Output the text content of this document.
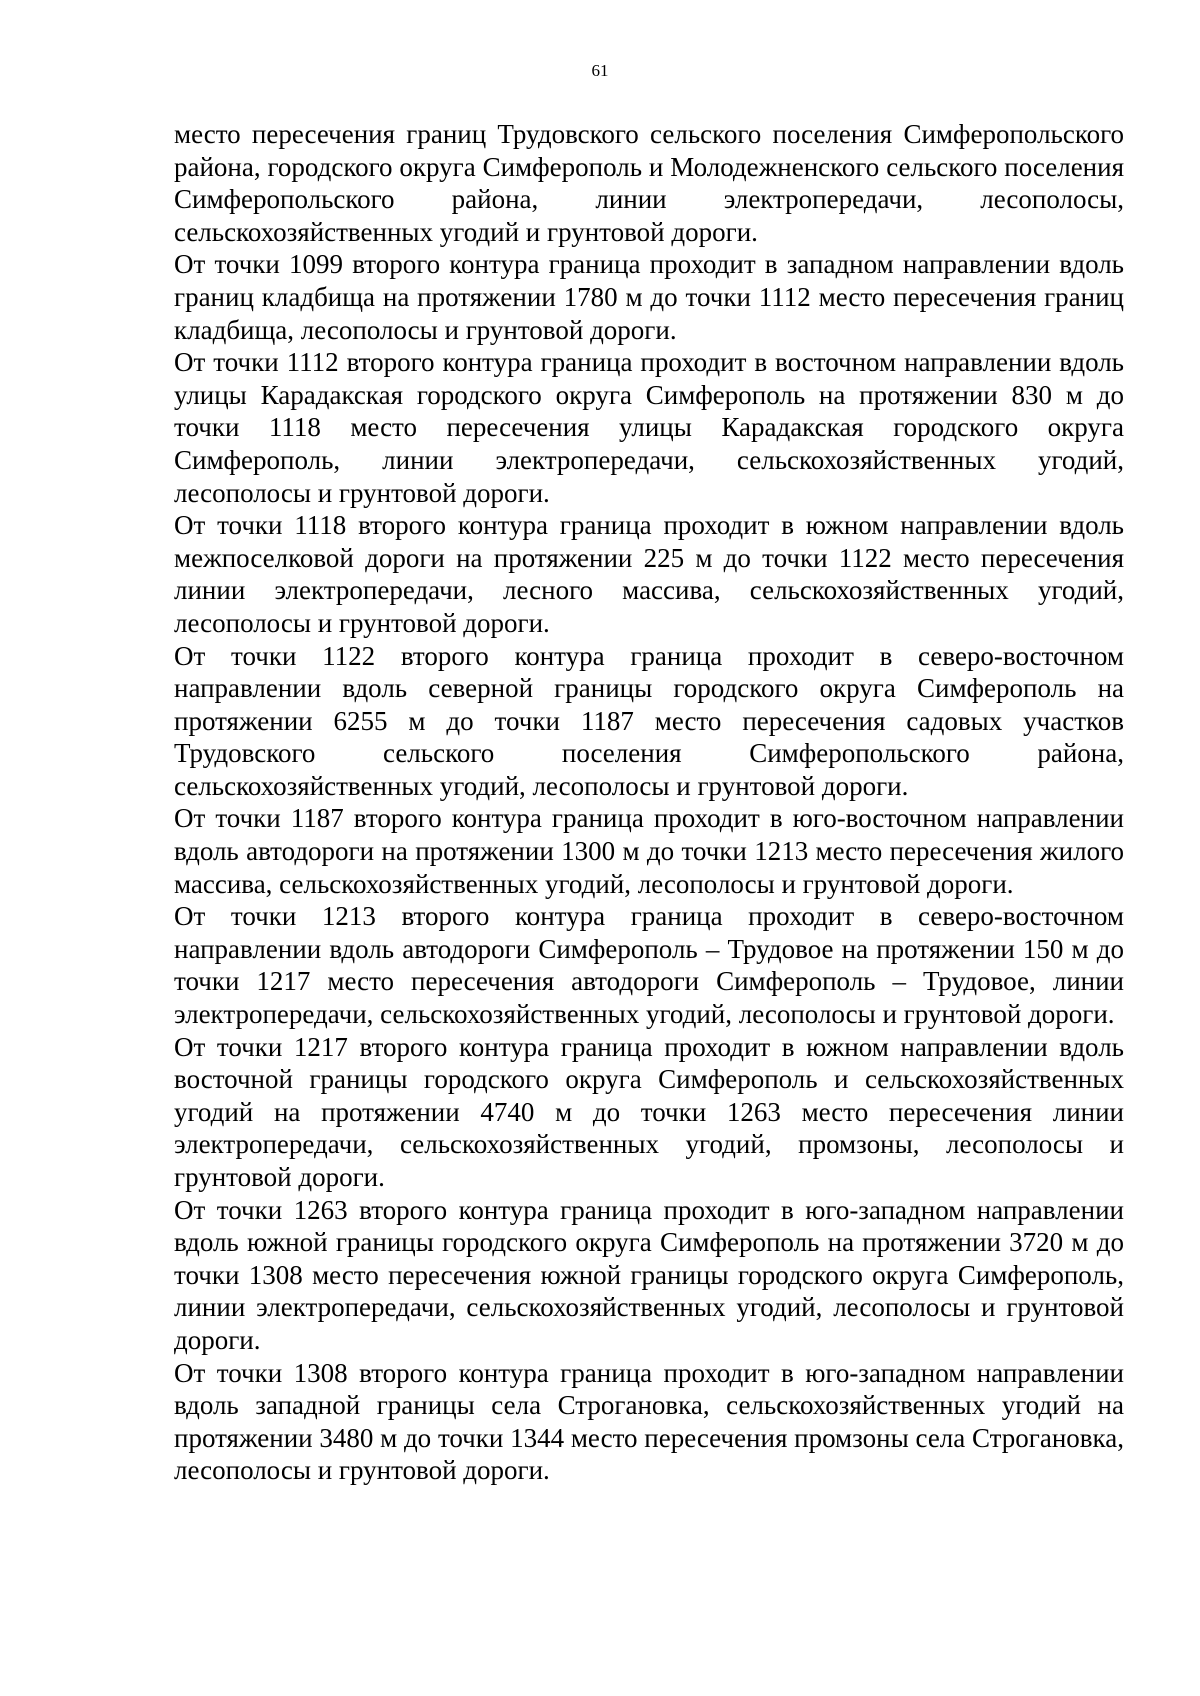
61

место пересечения границ Трудовского сельского поселения Симферопольского района, городского округа Симферополь и Молодежненского сельского поселения Симферопольского района, линии электропередачи, лесополосы, сельскохозяйственных угодий и грунтовой дороги.

От точки 1099 второго контура граница проходит в западном направлении вдоль границ кладбища на протяжении 1780 м до точки 1112 место пересечения границ кладбища, лесополосы и грунтовой дороги.

От точки 1112 второго контура граница проходит в восточном направлении вдоль улицы Карадакская городского округа Симферополь на протяжении 830 м до точки 1118 место пересечения улицы Карадакская городского округа Симферополь, линии электропередачи, сельскохозяйственных угодий, лесополосы и грунтовой дороги.

От точки 1118 второго контура граница проходит в южном направлении вдоль межпоселковой дороги на протяжении 225 м до точки 1122 место пересечения линии электропередачи, лесного массива, сельскохозяйственных угодий, лесополосы и грунтовой дороги.

От точки 1122 второго контура граница проходит в северо-восточном направлении вдоль северной границы городского округа Симферополь на протяжении 6255 м до точки 1187 место пересечения садовых участков Трудовского сельского поселения Симферопольского района, сельскохозяйственных угодий, лесополосы и грунтовой дороги.

От точки 1187 второго контура граница проходит в юго-восточном направлении вдоль автодороги на протяжении 1300 м до точки 1213 место пересечения жилого массива, сельскохозяйственных угодий, лесополосы и грунтовой дороги.

От точки 1213 второго контура граница проходит в северо-восточном направлении вдоль автодороги Симферополь – Трудовое на протяжении 150 м до точки 1217 место пересечения автодороги Симферополь – Трудовое, линии электропередачи, сельскохозяйственных угодий, лесополосы и грунтовой дороги.

От точки 1217 второго контура граница проходит в южном направлении вдоль восточной границы городского округа Симферополь и сельскохозяйственных угодий на протяжении 4740 м до точки 1263 место пересечения линии электропередачи, сельскохозяйственных угодий, промзоны, лесополосы и грунтовой дороги.

От точки 1263 второго контура граница проходит в юго-западном направлении вдоль южной границы городского округа Симферополь на протяжении 3720 м до точки 1308 место пересечения южной границы городского округа Симферополь, линии электропередачи, сельскохозяйственных угодий, лесополосы и грунтовой дороги.

От точки 1308 второго контура граница проходит в юго-западном направлении вдоль западной границы села Строгановка, сельскохозяйственных угодий на протяжении 3480 м до точки 1344 место пересечения промзоны села Строгановка, лесополосы и грунтовой дороги.
